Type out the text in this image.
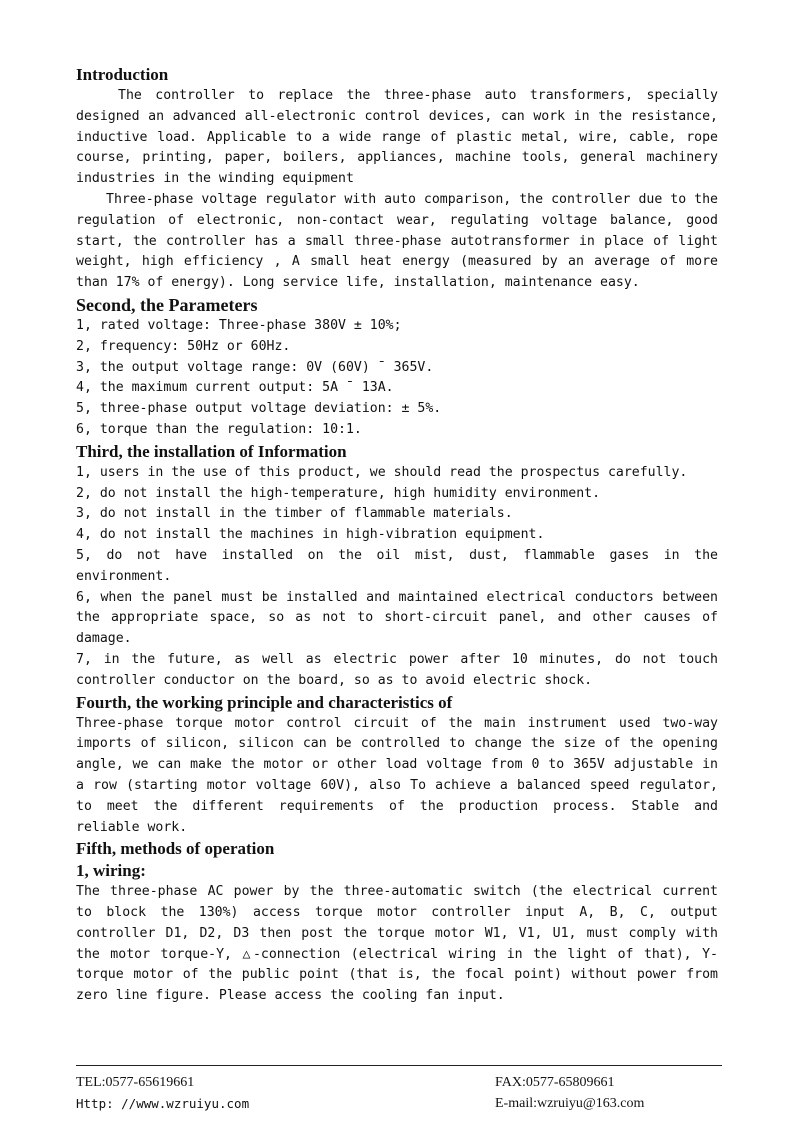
Introduction

The controller to replace the three-phase auto transformers, specially designed an advanced all-electronic control devices, can work in the resistance, inductive load. Applicable to a wide range of plastic metal, wire, cable, rope course, printing, paper, boilers, appliances, machine tools, general machinery industries in the winding equipment

Three-phase voltage regulator with auto comparison, the controller due to the regulation of electronic, non-contact wear, regulating voltage balance, good start, the controller has a small three-phase autotransformer in place of light weight, high efficiency , A small heat energy (measured by an average of more than 17% of energy). Long service life, installation, maintenance easy.

Second, the Parameters

1, rated voltage: Three-phase 380V ± 10%;

2, frequency: 50Hz or 60Hz.

3, the output voltage range: 0V (60V) ¯ 365V.

4, the maximum current output: 5A ¯ 13A.

5, three-phase output voltage deviation: ± 5%.

6, torque than the regulation: 10:1.

Third, the installation of Information

1, users in the use of this product, we should read the prospectus carefully.

2, do not install the high-temperature, high humidity environment.

3, do not install in the timber of flammable materials.

4, do not install the machines in high-vibration equipment.

5, do not have installed on the oil mist, dust, flammable gases in the environment.

6, when the panel must be installed and maintained electrical conductors between the appropriate space, so as not to short-circuit panel, and other causes of damage.

7, in the future, as well as electric power after 10 minutes, do not touch controller conductor on the board, so as to avoid electric shock.

Fourth, the working principle and characteristics of

Three-phase torque motor control circuit of the main instrument used two-way imports of silicon, silicon can be controlled to change the size of the opening angle, we can make the motor or other load voltage from 0 to 365V adjustable in a row (starting motor voltage 60V), also To achieve a balanced speed regulator, to meet the different requirements of the production process. Stable and reliable work.

Fifth, methods of operation
1, wiring:

The three-phase AC power by the three-automatic switch (the electrical current to block the 130%) access torque motor controller input A, B, C, output controller D1, D2, D3 then post the torque motor W1, V1, U1, must comply with the motor torque-Y, △-connection (electrical wiring in the light of that), Y-torque motor of the public point (that is, the focal point) without power from zero line figure. Please access the cooling fan input.

TEL:0577-65619661
Http: //www.wzruiyu.com
FAX:0577-65809661
E-mail:wzruiyu@163.com
